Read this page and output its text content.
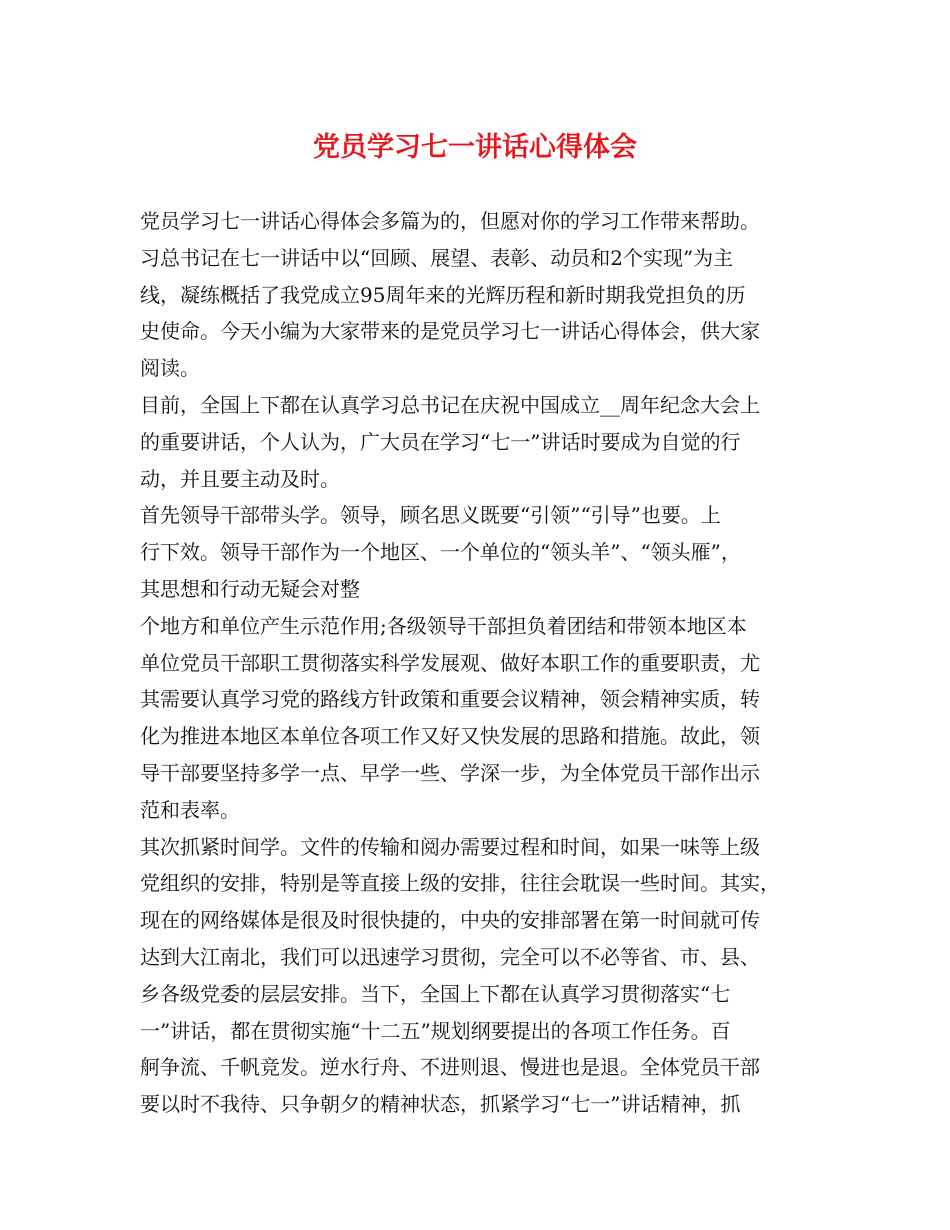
党员学习七一讲话心得体会

党员学习七一讲话心得体会多篇为的，但愿对你的学习工作带来帮助。

习总书记在七一讲话中以“回顾、展望、表彰、动员和2个实现”为主

线，凝练概括了我党成立95周年来的光辉历程和新时期我党担负的历

史使命。今天小编为大家带来的是党员学习七一讲话心得体会，供大家

阅读。

目前，全国上下都在认真学习总书记在庆祝中国成立__周年纪念大会上

的重要讲话，个人认为，广大员在学习“七一”讲话时要成为自觉的行

动，并且要主动及时。

首先领导干部带头学。领导，顾名思义既要“引领”“引导”也要。上

行下效。领导干部作为一个地区、一个单位的“领头羊”、“领头雁”，

其思想和行动无疑会对整

个地方和单位产生示范作用;各级领导干部担负着团结和带领本地区本

单位党员干部职工贯彻落实科学发展观、做好本职工作的重要职责，尤

其需要认真学习党的路线方针政策和重要会议精神，领会精神实质，转

化为推进本地区本单位各项工作又好又快发展的思路和措施。故此，领

导干部要坚持多学一点、早学一些、学深一步，为全体党员干部作出示

范和表率。

其次抓紧时间学。文件的传输和阅办需要过程和时间，如果一味等上级

党组织的安排，特别是等直接上级的安排，往往会耽误一些时间。其实，

现在的网络媒体是很及时很快捷的，中央的安排部署在第一时间就可传

达到大江南北，我们可以迅速学习贯彻，完全可以不必等省、市、县、

乡各级党委的层层安排。当下，全国上下都在认真学习贯彻落实“七

一”讲话，都在贯彻实施“十二五”规划纲要提出的各项工作任务。百

舸争流、千帆竞发。逆水行舟、不进则退、慢进也是退。全体党员干部

要以时不我待、只争朝夕的精神状态，抓紧学习“七一”讲话精神，抓
